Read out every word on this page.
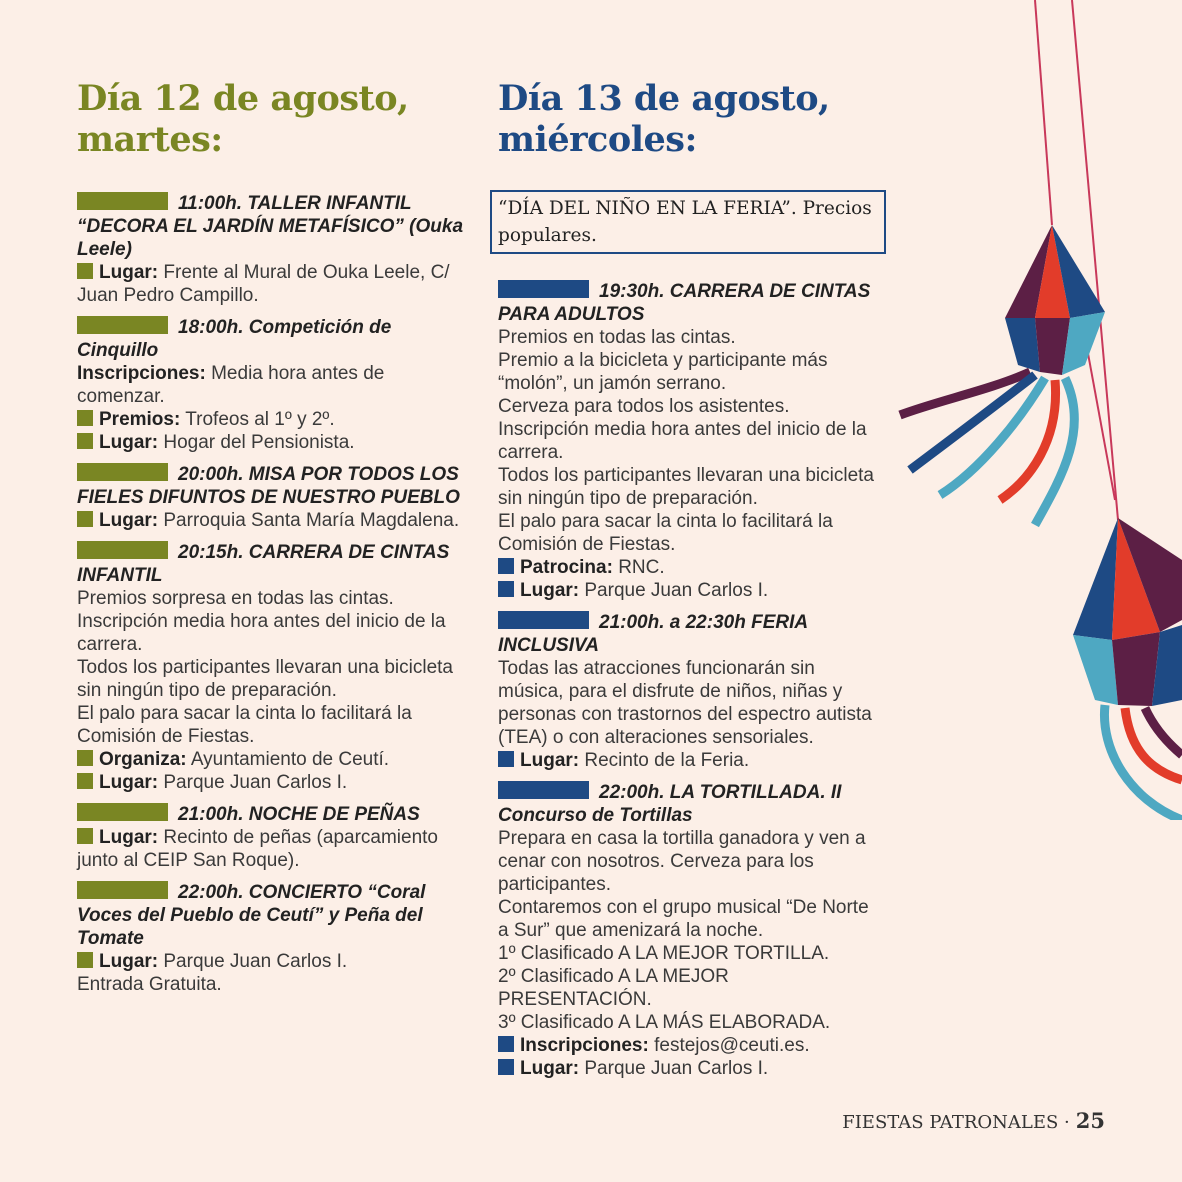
Día 12 de agosto,
martes:
11:00h. TALLER INFANTIL “DECORA EL JARDÍN METAFÍSICO” (Ouka Leele)
Lugar: Frente al Mural de Ouka Leele, C/ Juan Pedro Campillo.
18:00h. Competición de Cinquillo
Inscripciones: Media hora antes de comenzar.
Premios: Trofeos al 1º y 2º.
Lugar: Hogar del Pensionista.
20:00h. MISA POR TODOS LOS FIELES DIFUNTOS DE NUESTRO PUEBLO
Lugar: Parroquia Santa María Magdalena.
20:15h. CARRERA DE CINTAS INFANTIL
Premios sorpresa en todas las cintas.
Inscripción media hora antes del inicio de la carrera.
Todos los participantes llevaran una bicicleta sin ningún tipo de preparación.
El palo para sacar la cinta lo facilitará la Comisión de Fiestas.
Organiza: Ayuntamiento de Ceutí.
Lugar: Parque Juan Carlos I.
21:00h. NOCHE DE PEÑAS
Lugar: Recinto de peñas (aparcamiento junto al CEIP San Roque).
22:00h. CONCIERTO “Coral Voces del Pueblo de Ceutí” y Peña del Tomate
Lugar: Parque Juan Carlos I.
Entrada Gratuita.
Día 13 de agosto,
miércoles:
“DÍA DEL NIÑO EN LA FERIA”. Precios populares.
19:30h. CARRERA DE CINTAS PARA ADULTOS
Premios en todas las cintas.
Premio a la bicicleta y participante más “molón”, un jamón serrano.
Cerveza para todos los asistentes.
Inscripción media hora antes del inicio de la carrera.
Todos los participantes llevaran una bicicleta sin ningún tipo de preparación.
El palo para sacar la cinta lo facilitará la Comisión de Fiestas.
Patrocina: RNC.
Lugar: Parque Juan Carlos I.
21:00h. a 22:30h FERIA INCLUSIVA
Todas las atracciones funcionarán sin música, para el disfrute de niños, niñas y personas con trastornos del espectro autista (TEA) o con alteraciones sensoriales.
Lugar: Recinto de la Feria.
22:00h. LA TORTILLADA. II Concurso de Tortillas
Prepara en casa la tortilla ganadora y ven a cenar con nosotros. Cerveza para los participantes.
Contaremos con el grupo musical “De Norte a Sur” que amenizará la noche.
1º Clasificado A LA MEJOR TORTILLA.
2º Clasificado A LA MEJOR PRESENTACIÓN.
3º Clasificado A LA MÁS ELABORADA.
Inscripciones: festejos@ceuti.es.
Lugar: Parque Juan Carlos I.
FIESTAS PATRONALES · 25
